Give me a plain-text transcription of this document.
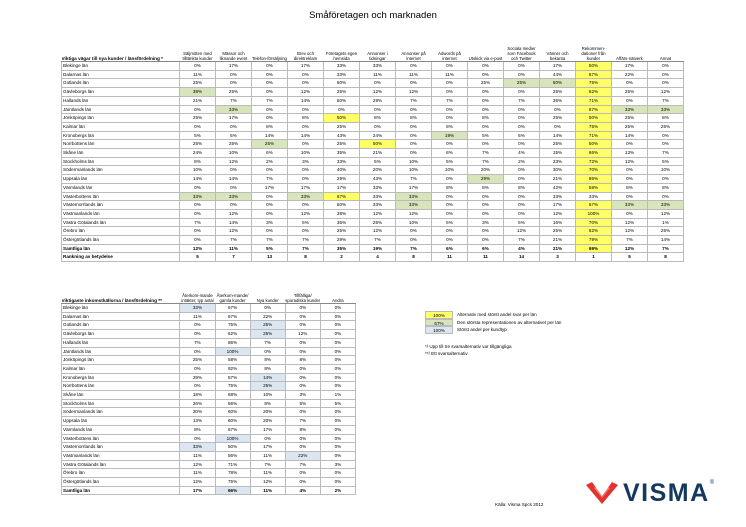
Småföretagen och marknaden
Viktiga vägar till nya kunder / länsfördelning *	Säljmöten med tilltänkta kunder	Mässor och liknande event	Telefon-försäljning	Brev och direktreklam	Företagets egen hemsida	Annonser i tidningar	Annonser på internet	Adwords på internet	Utskick via e-post	Sociala medier som Facebook och Twitter	Vänner och bekanta	Rekommen-dationer från kunder	Affärs-nätverk	Annat
Blekinge län	0%	17%	0%	17%	33%	33%	0%	0%	0%	0%	17%	50%	17%	0%
Dalarnas län	11%	0%	0%	0%	33%	11%	11%	11%	0%	0%	44%	67%	22%	0%
Gotlands län	25%	0%	0%	0%	50%	0%	0%	0%	25%	25%	50%	75%	0%	0%
Gävleborgs län	38%	25%	0%	12%	25%	12%	12%	0%	0%	0%	25%	62%	25%	12%
Hallands län	21%	7%	7%	14%	50%	29%	7%	7%	0%	7%	36%	71%	0%	7%
Jämtlands län	0%	33%	0%	0%	0%	0%	0%	0%	0%	0%	0%	67%	33%	33%
Jönköpings län	25%	17%	0%	8%	50%	8%	8%	0%	8%	0%	25%	50%	25%	8%
Kalmar län	0%	0%	8%	0%	25%	0%	0%	8%	0%	0%	0%	75%	25%	25%
Kronobergs län	5%	5%	14%	14%	43%	24%	0%	19%	5%	5%	14%	71%	14%	0%
Norrbottens län	25%	25%	25%	0%	25%	50%	0%	0%	0%	0%	25%	50%	0%	0%
Skåne län	24%	10%	6%	10%	35%	21%	0%	6%	7%	4%	15%	66%	13%	7%
Stockholms län	8%	12%	2%	3%	33%	5%	10%	5%	7%	2%	23%	72%	12%	5%
Södermanlands län	10%	0%	0%	0%	40%	20%	10%	10%	20%	0%	30%	70%	0%	10%
Uppsala län	14%	14%	7%	0%	29%	43%	7%	0%	29%	0%	21%	86%	0%	0%
Värmlands län	0%	0%	17%	17%	17%	33%	17%	8%	8%	8%	42%	58%	8%	8%
Västerbottens län	33%	33%	0%	33%	67%	33%	33%	0%	0%	0%	33%	33%	0%	0%
Västernorrlands län	0%	0%	0%	0%	50%	33%	33%	0%	0%	0%	17%	67%	33%	33%
Västmanlands län	0%	12%	0%	12%	38%	12%	12%	0%	0%	0%	12%	100%	0%	12%
Västra Götalands län	7%	14%	3%	6%	35%	25%	10%	6%	3%	6%	16%	70%	12%	1%
Örebro län	0%	12%	0%	0%	25%	12%	0%	0%	0%	12%	25%	62%	12%	25%
Östergötlands län	0%	7%	7%	7%	29%	7%	0%	0%	0%	7%	21%	79%	7%	14%
Samtliga län	12%	11%	5%	7%	35%	19%	7%	6%	6%	4%	21%	69%	12%	7%
Rankning av betydelse	5	7	13	8	2	4	8	11	11	14	3	1	5	8
Viktigaste inkomstkällorna / länsfördelning **	Återkom-mande intäkter, typ avtal	Återkom-mande/ gamla kunder	Nya kunder	Tillfälliga/ sporadiska kunder	Andra
Blekinge län	33%	67%	0%	0%	0%
Dalarnas län	11%	67%	22%	0%	0%
Gotlands län	0%	75%	25%	0%	0%
Gävleborgs län	0%	62%	25%	12%	0%
Hallands län	7%	86%	7%	0%	0%
Jämtlands län	0%	100%	0%	0%	0%
Jönköpings län	25%	58%	8%	8%	0%
Kalmar län	0%	92%	8%	0%	0%
Kronobergs län	29%	57%	14%	0%	0%
Norrbottens län	0%	75%	25%	0%	0%
Skåne län	18%	68%	10%	3%	1%
Stockholms län	26%	56%	8%	5%	5%
Södermanlands län	20%	60%	20%	0%	0%
Uppsala län	13%	60%	20%	7%	0%
Värmlands län	8%	67%	17%	8%	0%
Västerbottens län	0%	100%	0%	0%	0%
Västernorrlands län	33%	50%	17%	0%	0%
Västmanlands län	11%	56%	11%	22%	0%
Västra Götalands län	12%	71%	7%	7%	3%
Örebro län	11%	78%	11%	0%	0%
Östergötlands län	12%	75%	12%	0%	0%
Samtliga län	17%	66%	11%	4%	2%
100%	Alternativ med störst andel svar per län
67%	Den största representationen av alternativet per län
100%	Störst andel per kundtyp
*/ Upp till tre svarsalternativ var tillgängliga
**/ Ett svarsalternativ
Källa: Visma Spcs 2012	VISMA ®
